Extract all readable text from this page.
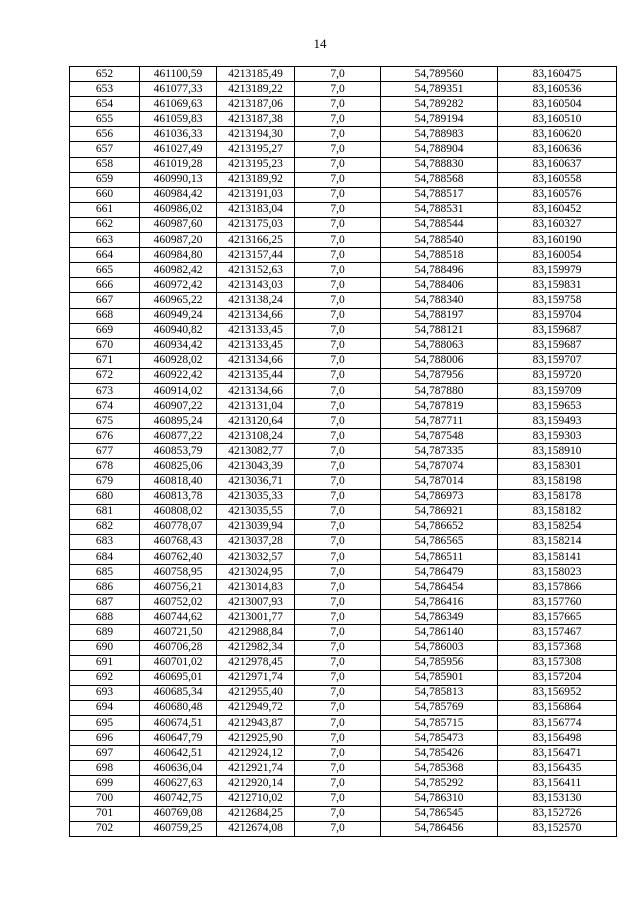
14
652	461100,59	4213185,49	7,0	54,789560	83,160475
653	461077,33	4213189,22	7,0	54,789351	83,160536
654	461069,63	4213187,06	7,0	54,789282	83,160504
655	461059,83	4213187,38	7,0	54,789194	83,160510
656	461036,33	4213194,30	7,0	54,788983	83,160620
657	461027,49	4213195,27	7,0	54,788904	83,160636
658	461019,28	4213195,23	7,0	54,788830	83,160637
659	460990,13	4213189,92	7,0	54,788568	83,160558
660	460984,42	4213191,03	7,0	54,788517	83,160576
661	460986,02	4213183,04	7,0	54,788531	83,160452
662	460987,60	4213175,03	7,0	54,788544	83,160327
663	460987,20	4213166,25	7,0	54,788540	83,160190
664	460984,80	4213157,44	7,0	54,788518	83,160054
665	460982,42	4213152,63	7,0	54,788496	83,159979
666	460972,42	4213143,03	7,0	54,788406	83,159831
667	460965,22	4213138,24	7,0	54,788340	83,159758
668	460949,24	4213134,66	7,0	54,788197	83,159704
669	460940,82	4213133,45	7,0	54,788121	83,159687
670	460934,42	4213133,45	7,0	54,788063	83,159687
671	460928,02	4213134,66	7,0	54,788006	83,159707
672	460922,42	4213135,44	7,0	54,787956	83,159720
673	460914,02	4213134,66	7,0	54,787880	83,159709
674	460907,22	4213131,04	7,0	54,787819	83,159653
675	460895,24	4213120,64	7,0	54,787711	83,159493
676	460877,22	4213108,24	7,0	54,787548	83,159303
677	460853,79	4213082,77	7,0	54,787335	83,158910
678	460825,06	4213043,39	7,0	54,787074	83,158301
679	460818,40	4213036,71	7,0	54,787014	83,158198
680	460813,78	4213035,33	7,0	54,786973	83,158178
681	460808,02	4213035,55	7,0	54,786921	83,158182
682	460778,07	4213039,94	7,0	54,786652	83,158254
683	460768,43	4213037,28	7,0	54,786565	83,158214
684	460762,40	4213032,57	7,0	54,786511	83,158141
685	460758,95	4213024,95	7,0	54,786479	83,158023
686	460756,21	4213014,83	7,0	54,786454	83,157866
687	460752,02	4213007,93	7,0	54,786416	83,157760
688	460744,62	4213001,77	7,0	54,786349	83,157665
689	460721,50	4212988,84	7,0	54,786140	83,157467
690	460706,28	4212982,34	7,0	54,786003	83,157368
691	460701,02	4212978,45	7,0	54,785956	83,157308
692	460695,01	4212971,74	7,0	54,785901	83,157204
693	460685,34	4212955,40	7,0	54,785813	83,156952
694	460680,48	4212949,72	7,0	54,785769	83,156864
695	460674,51	4212943,87	7,0	54,785715	83,156774
696	460647,79	4212925,90	7,0	54,785473	83,156498
697	460642,51	4212924,12	7,0	54,785426	83,156471
698	460636,04	4212921,74	7,0	54,785368	83,156435
699	460627,63	4212920,14	7,0	54,785292	83,156411
700	460742,75	4212710,02	7,0	54,786310	83,153130
701	460769,08	4212684,25	7,0	54,786545	83,152726
702	460759,25	4212674,08	7,0	54,786456	83,152570
